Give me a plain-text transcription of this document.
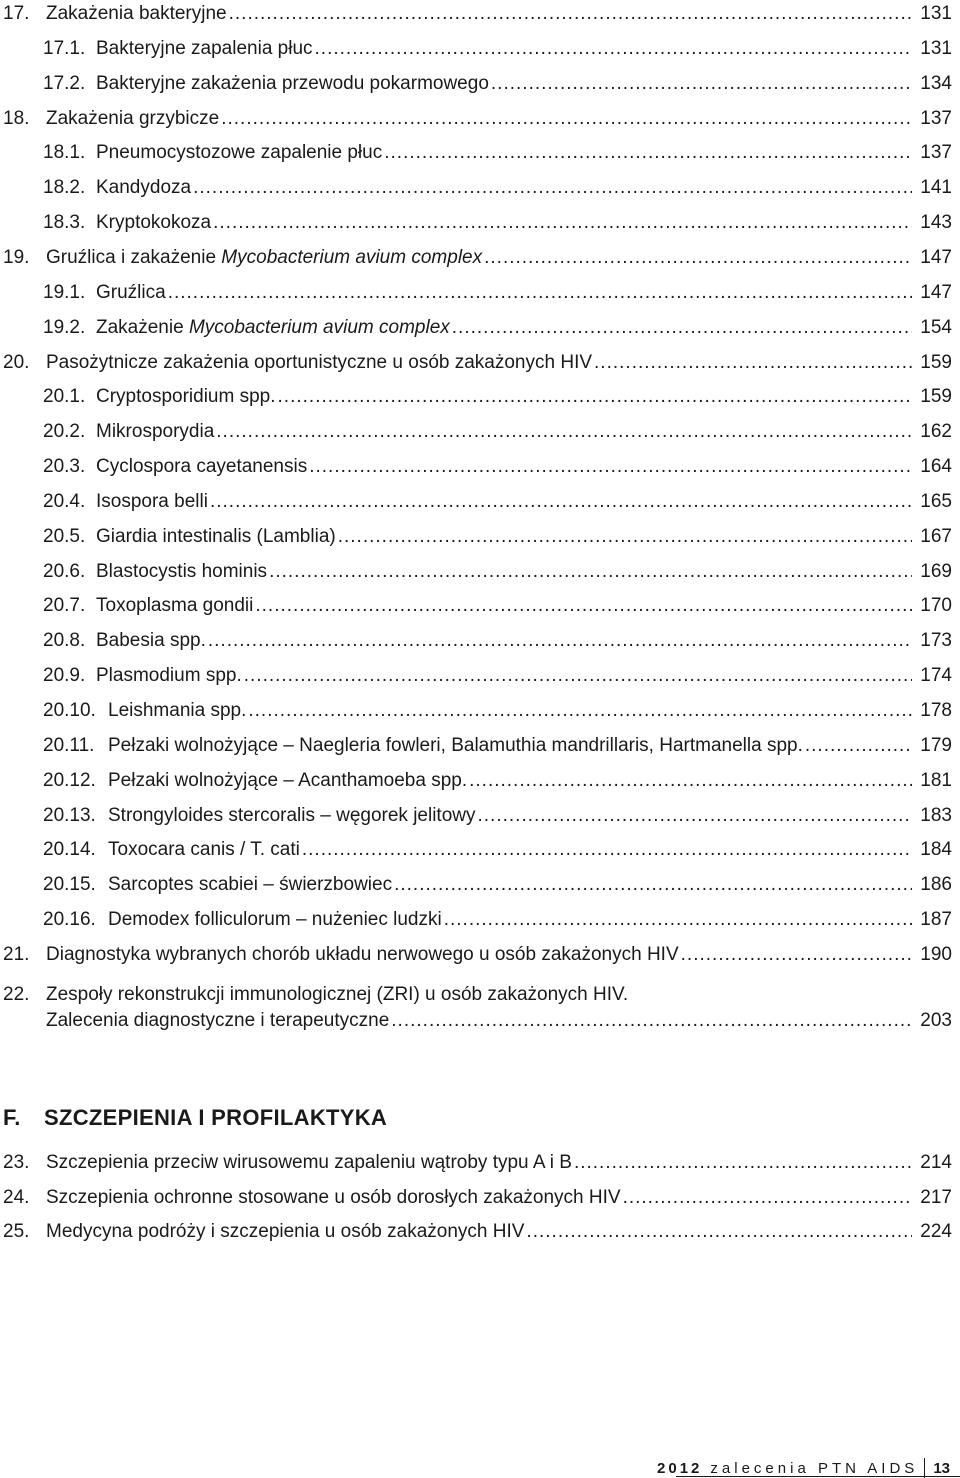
17. Zakażenia bakteryjne .....	131
17.1. Bakteryjne zapalenia płuc .....	131
17.2. Bakteryjne zakażenia przewodu pokarmowego .....	134
18. Zakażenia grzybicze .....	137
18.1. Pneumocystozowe zapalenie płuc .....	137
18.2. Kandydoza .....	141
18.3. Kryptokokoza .....	143
19. Gruźlica i zakażenie Mycobacterium avium complex .....	147
19.1. Gruźlica .....	147
19.2. Zakażenie Mycobacterium avium complex .....	154
20. Pasożytnicze zakażenia oportunistyczne u osób zakażonych HIV .....	159
20.1. Cryptosporidium spp. .....	159
20.2. Mikrosporydia .....	162
20.3. Cyclospora cayetanensis .....	164
20.4. Isospora belli .....	165
20.5. Giardia intestinalis (Lamblia) .....	167
20.6. Blastocystis hominis .....	169
20.7. Toxoplasma gondii .....	170
20.8. Babesia spp. .....	173
20.9. Plasmodium spp. .....	174
20.10. Leishmania spp. .....	178
20.11. Pełzaki wolnożyjące – Naegleria fowleri, Balamuthia mandrillaris, Hartmanella spp. .....	179
20.12. Pełzaki wolnożyjące – Acanthamoeba spp. .....	181
20.13. Strongyloides stercoralis – węgorek jelitowy .....	183
20.14. Toxocara canis / T. cati .....	184
20.15. Sarcoptes scabiei – świerzbowiec .....	186
20.16. Demodex folliculorum – nużeniec ludzki .....	187
21. Diagnostyka wybranych chorób układu nerwowego u osób zakażonych HIV .....	190
22. Zespoły rekonstrukcji immunologicznej (ZRI) u osób zakażonych HIV.
Zalecenia diagnostyczne i terapeutyczne .....	203
F. SZCZEPIENIA I PROFILAKTYKA
23. Szczepienia przeciw wirusowemu zapaleniu wątroby typu A i B .....	214
24. Szczepienia ochronne stosowane u osób dorosłych zakażonych HIV .....	217
25. Medycyna podróży i szczepienia u osób zakażonych HIV .....	224
2012 zalecenia PTN AIDS 13
